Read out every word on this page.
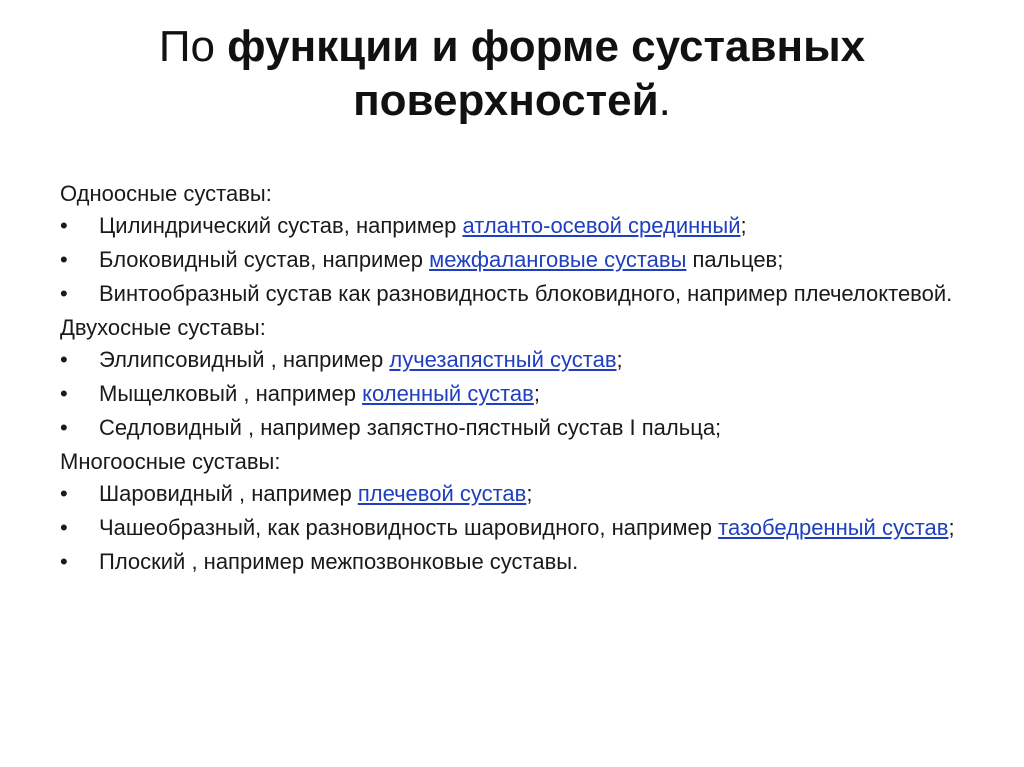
По функции и форме суставных поверхностей.
Одноосные суставы:
•	Цилиндрический сустав, например атланто-осевой срединный;
•	Блоковидный сустав, например межфаланговые суставы пальцев;
•	Винтообразный сустав как разновидность блоковидного, например плечелоктевой.
Двухосные суставы:
•	Эллипсовидный , например лучезапястный сустав;
•	Мыщелковый , например коленный сустав;
•	Седловидный , например запястно-пястный сустав I пальца;
Многоосные суставы:
•	Шаровидный , например плечевой сустав;
•	Чашеобразный, как разновидность шаровидного, например тазобедренный сустав;
•	Плоский , например межпозвонковые суставы.
